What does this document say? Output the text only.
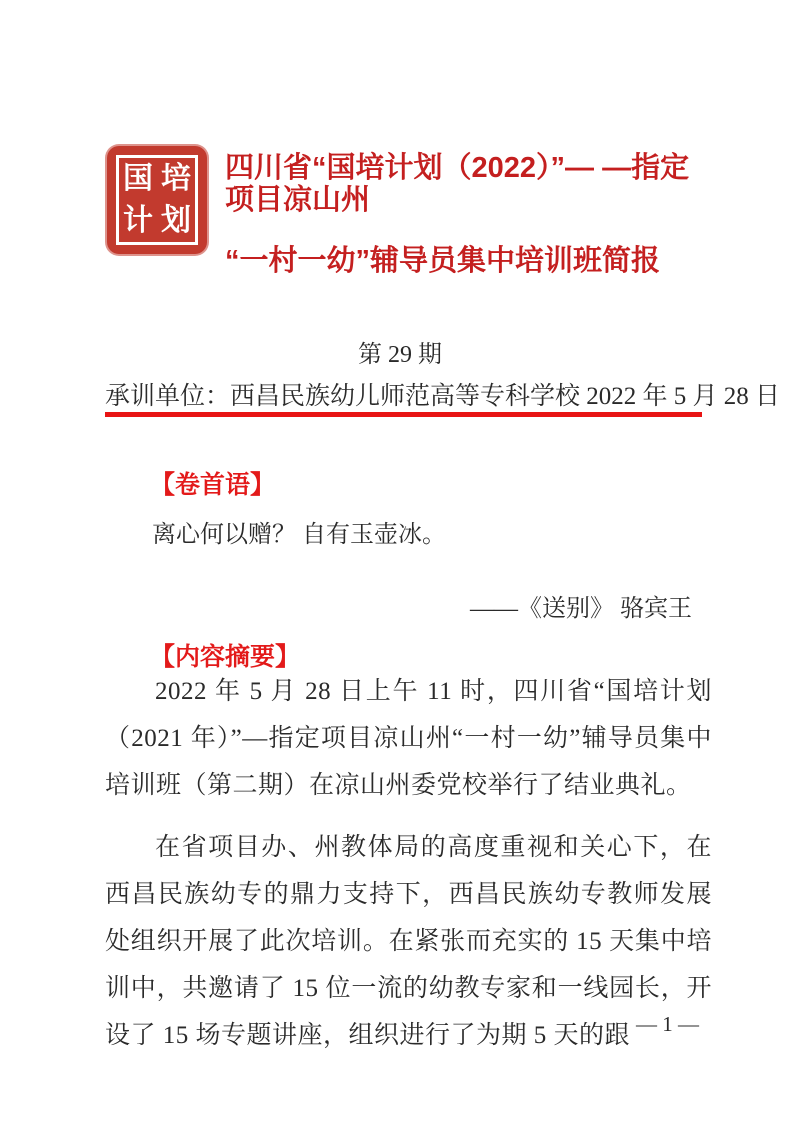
国 培
计 划
四川省“国培计划（2022）”— —指定项目凉山州
“一村一幼”辅导员集中培训班简报
第 29 期
承训单位：西昌民族幼儿师范高等专科学校 2022 年 5 月 28 日
【卷首语】

离心何以赠？ 自有玉壶冰。

——《送别》 骆宾王

【内容摘要】

2022 年 5 月 28 日上午 11 时，四川省“国培计划（2021 年）”—指定项目凉山州“一村一幼”辅导员集中培训班（第二期）在凉山州委党校举行了结业典礼。

在省项目办、州教体局的高度重视和关心下，在西昌民族幼专的鼎力支持下，西昌民族幼专教师发展处组织开展了此次培训。在紧张而充实的 15 天集中培训中，共邀请了 15 位一流的幼教专家和一线园长，开设了 15 场专题讲座，组织进行了为期 5 天的跟 — 1 —
